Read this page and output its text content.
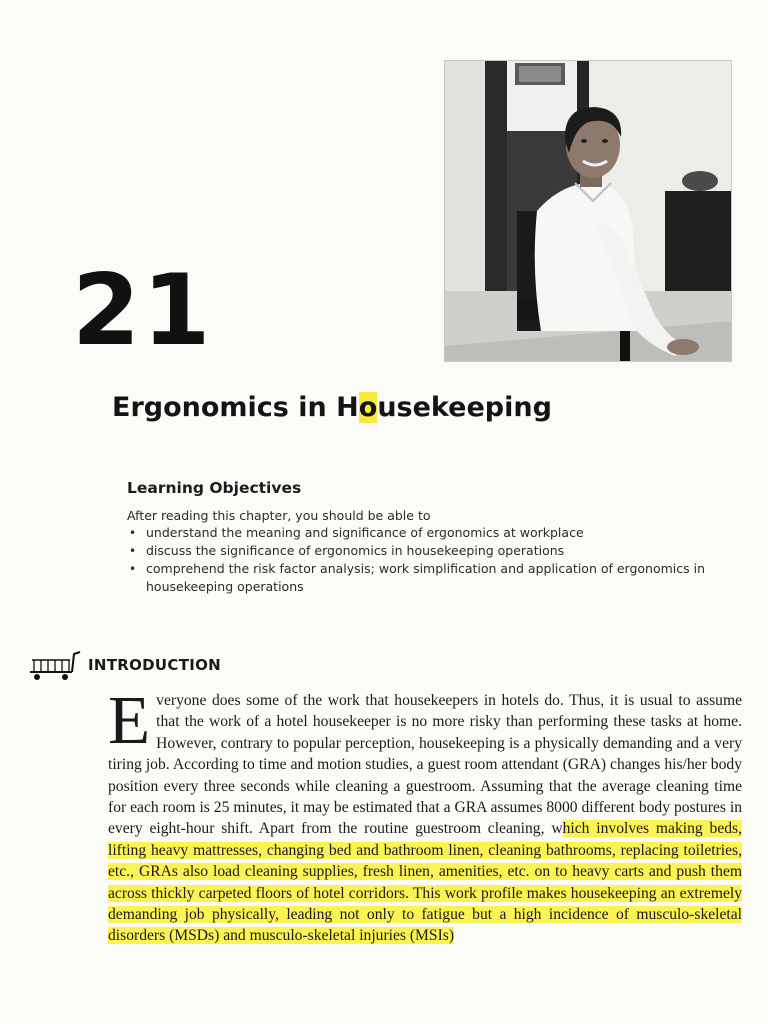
21
Ergonomics in Housekeeping
Learning Objectives

After reading this chapter, you should be able to

• understand the meaning and significance of ergonomics at workplace
• discuss the significance of ergonomics in housekeeping operations
• comprehend the risk factor analysis; work simplification and application of ergonomics in housekeeping operations
INTRODUCTION
Everyone does some of the work that housekeepers in hotels do. Thus, it is usual to assume that the work of a hotel housekeeper is no more risky than performing these tasks at home. However, contrary to popular perception, housekeeping is a physically demanding and a very tiring job. According to time and motion studies, a guest room attendant (GRA) changes his/her body position every three seconds while cleaning a guestroom. Assuming that the average cleaning time for each room is 25 minutes, it may be estimated that a GRA assumes 8000 different body postures in every eight-hour shift. Apart from the routine guestroom cleaning, which involves making beds, lifting heavy mattresses, changing bed and bathroom linen, cleaning bathrooms, replacing toiletries, etc., GRAs also load cleaning supplies, fresh linen, amenities, etc. on to heavy carts and push them across thickly carpeted floors of hotel corridors. This work profile makes housekeeping an extremely demanding job physically, leading not only to fatigue but a high incidence of musculo-skeletal disorders (MSDs) and musculo-skeletal injuries (MSIs)
